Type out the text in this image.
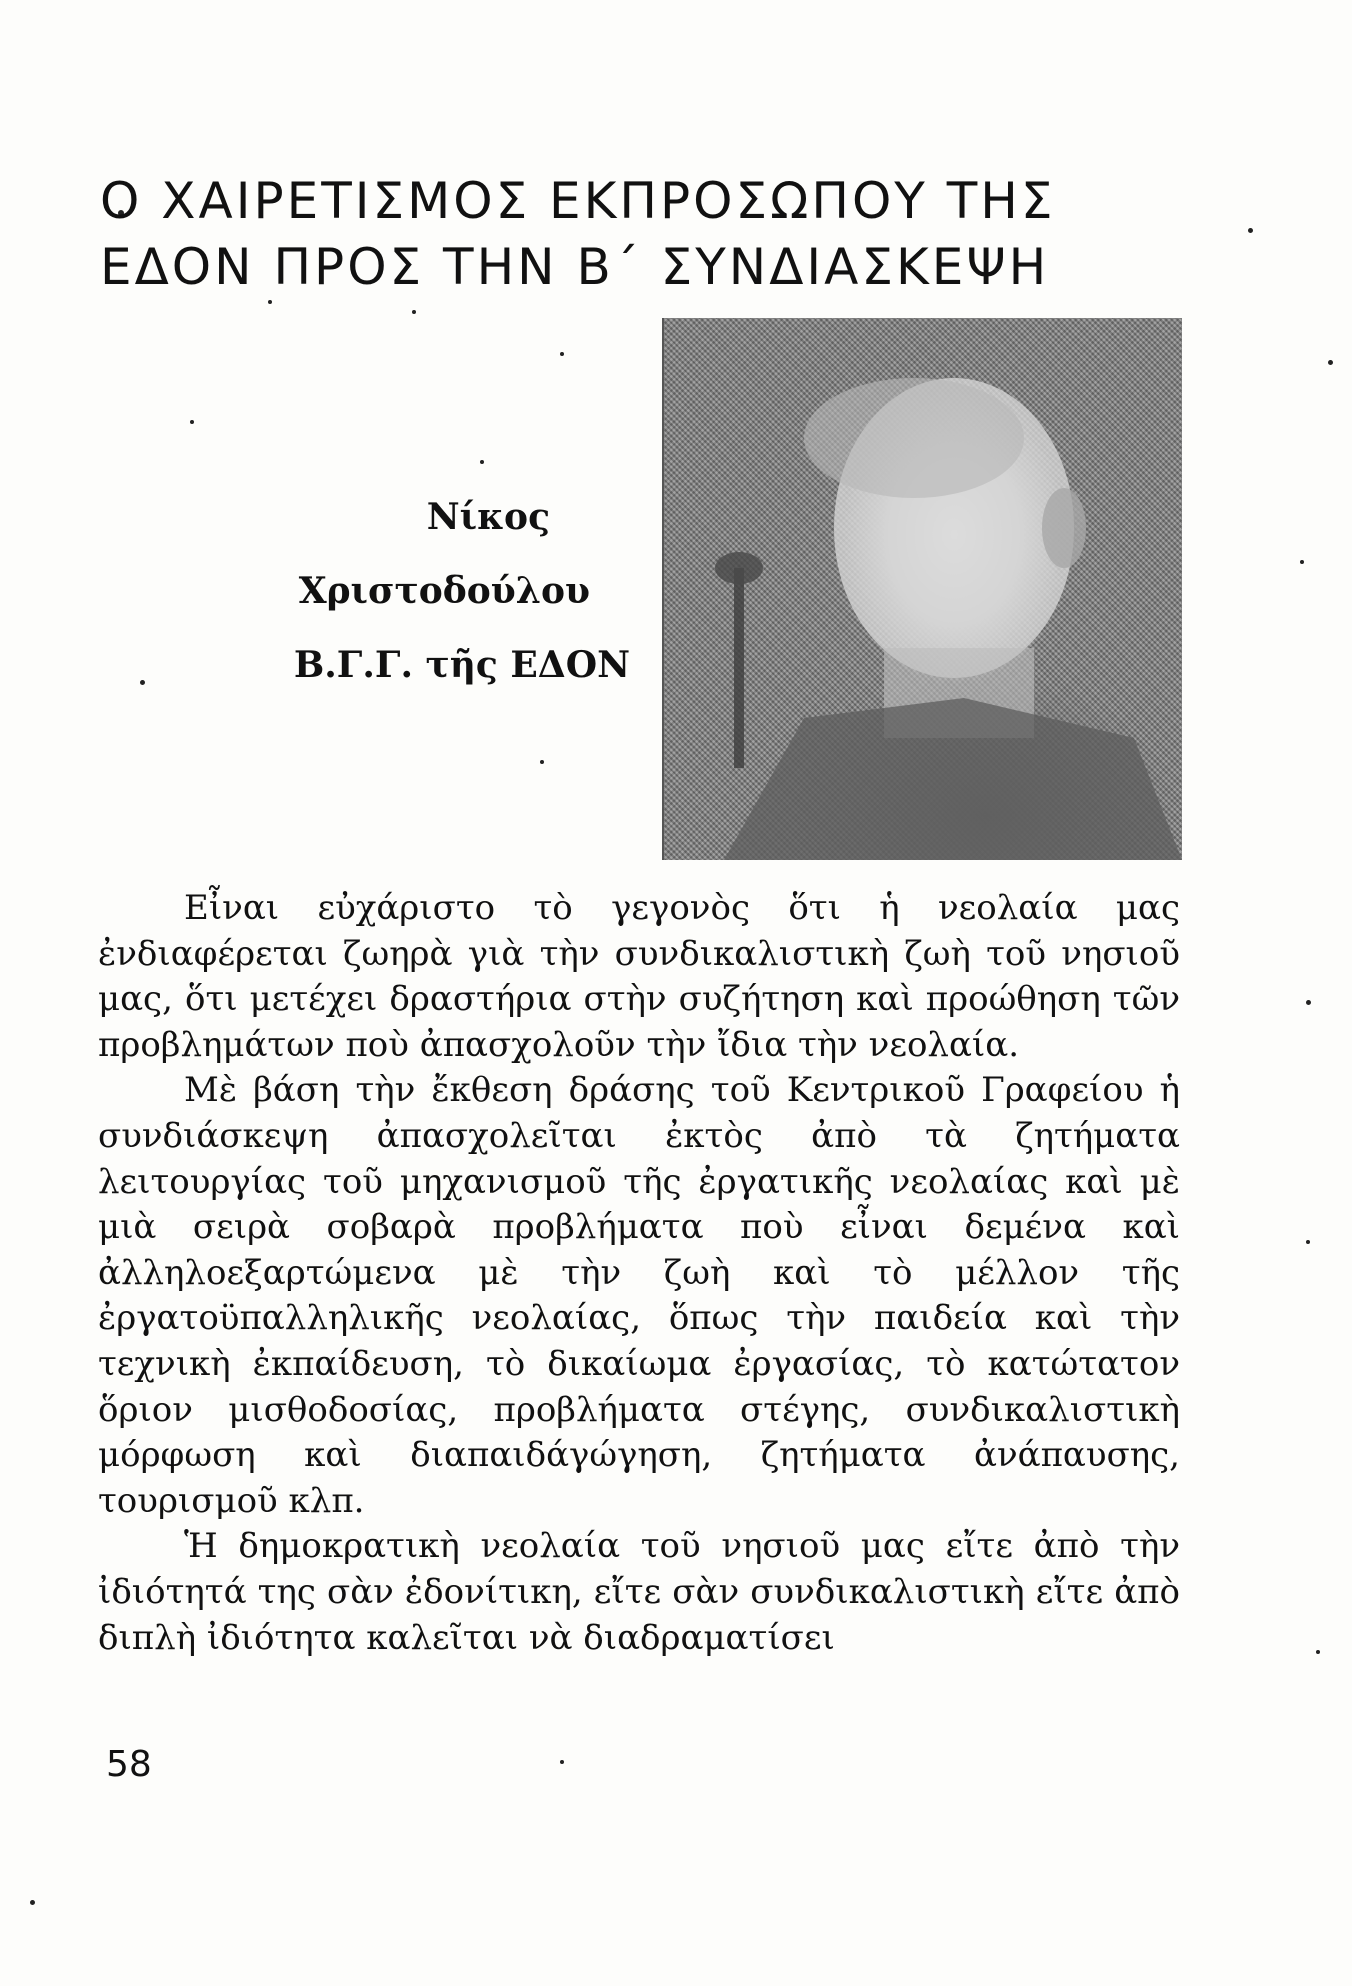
Ο ΧΑΙΡΕΤΙΣΜΟΣ ΕΚΠΡΟΣΩΠΟΥ ΤΗΣ
ΕΔΟΝ ΠΡΟΣ ΤΗΝ Β΄ ΣΥΝΔΙΑΣΚΕΨΗ
Νίκος
Χριστοδούλου
Β.Γ.Γ. τῆς ΕΔΟΝ

Εἶναι εὐχάριστο τὸ γεγονὸς ὅτι ἡ νεολαία μας ἐνδιαφέρεται ζωηρὰ γιὰ τὴν συνδικαλιστικὴ ζωὴ τοῦ νησιοῦ μας, ὅτι μετέχει δραστήρια στὴν συζήτηση καὶ προώθηση τῶν προβλημάτων ποὺ ἀπασχολοῦν τὴν ἴδια τὴν νεολαία.

Μὲ βάση τὴν ἔκθεση δράσης τοῦ Κεντρικοῦ Γραφείου ἡ συνδιάσκεψη ἀπασχολεῖται ἐκτὸς ἀπὸ τὰ ζητήματα λειτουργίας τοῦ μηχανισμοῦ τῆς ἐργατικῆς νεολαίας καὶ μὲ μιὰ σειρὰ σοβαρὰ προβλήματα ποὺ εἶναι δεμένα καὶ ἀλληλοεξαρτώμενα μὲ τὴν ζωὴ καὶ τὸ μέλλον τῆς ἐργατοϋπαλληλικῆς νεολαίας, ὅπως τὴν παιδεία καὶ τὴν τεχνικὴ ἐκπαίδευση, τὸ δικαίωμα ἐργασίας, τὸ κατώτατον ὅριον μισθοδοσίας, προβλήματα στέγης, συνδικαλιστικὴ μόρφωση καὶ διαπαιδάγώγηση, ζητήματα ἀνάπαυσης, τουρισμοῦ κλπ.

Ἡ δημοκρατικὴ νεολαία τοῦ νησιοῦ μας εἴτε ἀπὸ τὴν ἰδιότητά της σὰν ἐδονίτικη, εἴτε σὰν συνδικαλιστικὴ εἴτε ἀπὸ διπλὴ ἰδιότητα καλεῖται νὰ διαδραματίσει

58
